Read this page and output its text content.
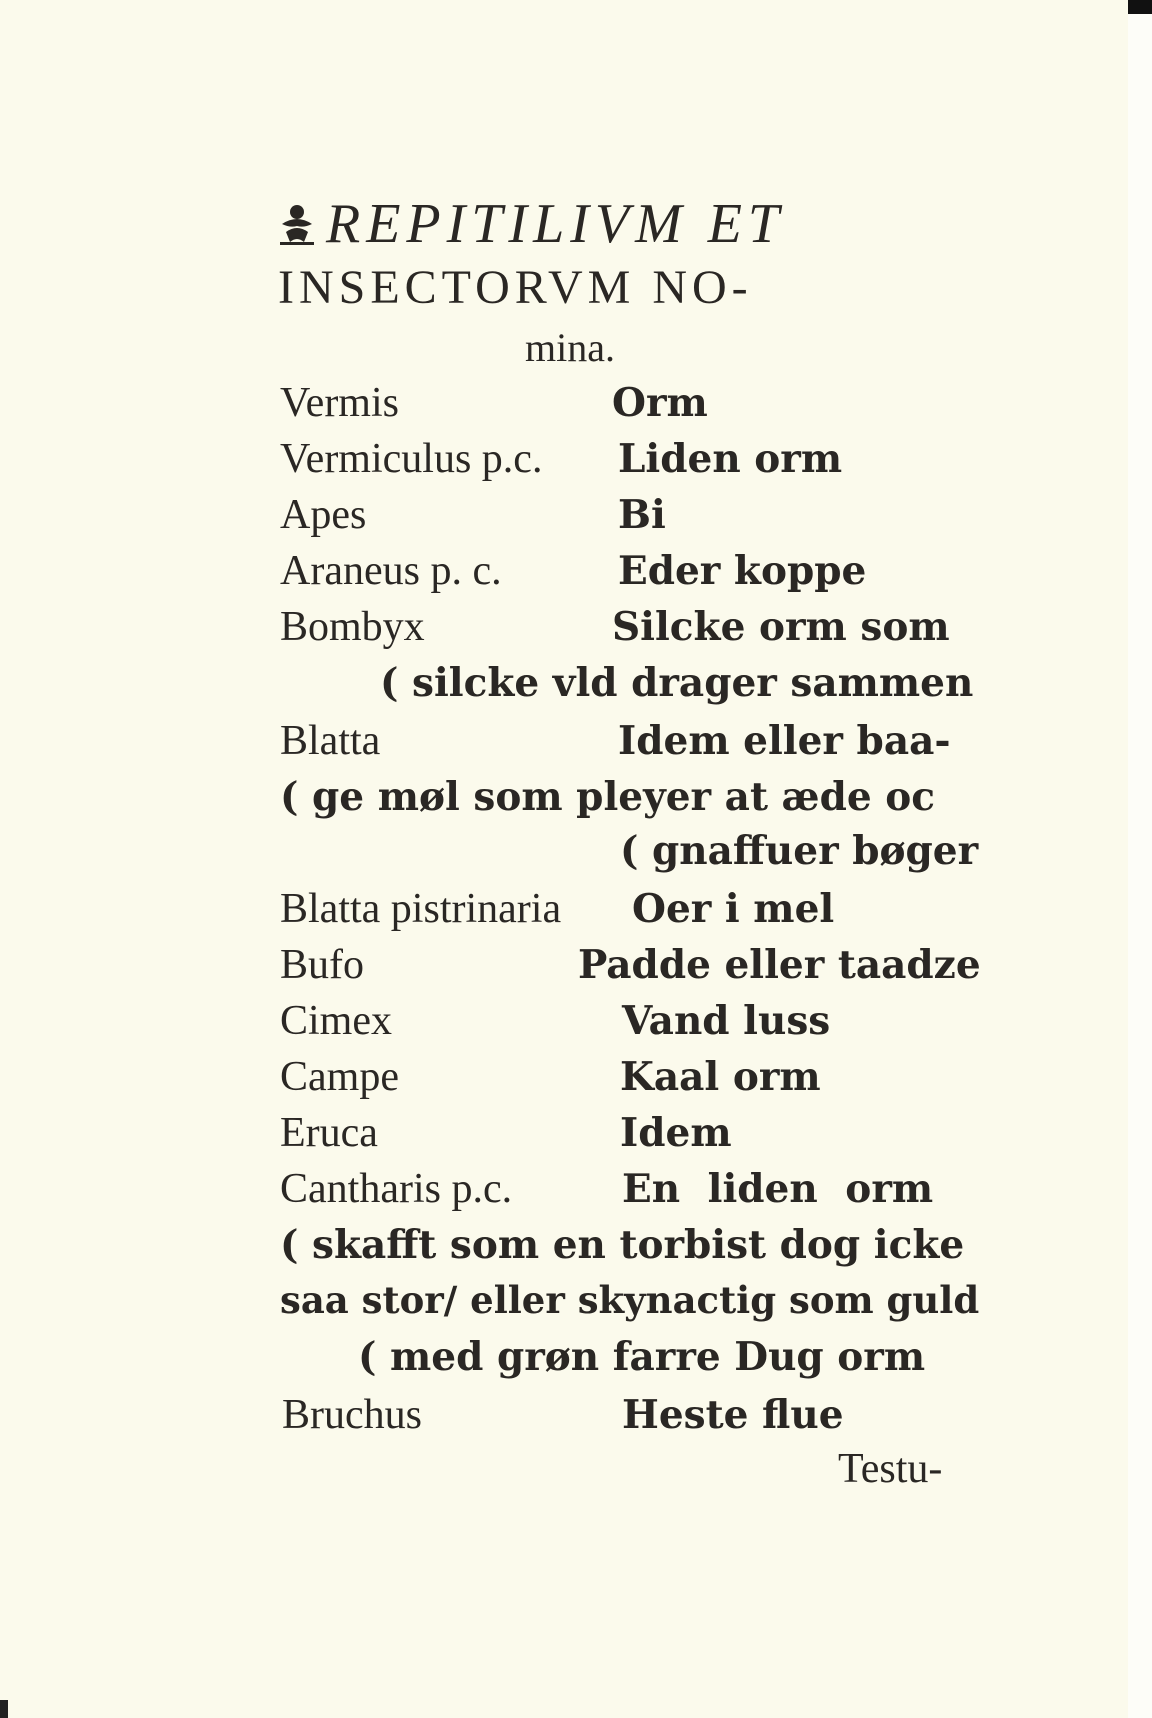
REPITILIVM ET
INSECTORVM NO-
mina.
Vermis	Orm
Vermiculus p.c. Liden orm
Apes	Bi
Araneus p. c.	Eder koppe
Bombyx	Silcke orm som
( silcke vld drager sammen
Blatta	Idem eller baa-
( ge møl som pleyer at æde oc
( gnaffuer bøger
Blatta pistrinaria Oer i mel
Bufo	Padde eller taadze
Cimex	Vand luss
Campe	Kaal orm
Eruca	Idem
Cantharis p.c.	En liden orm
( skafft som en torbist dog icke
saa stor/ eller skynactig som guld
( med grøn farre Dug orm
Bruchus	Heste flue
Testu-
